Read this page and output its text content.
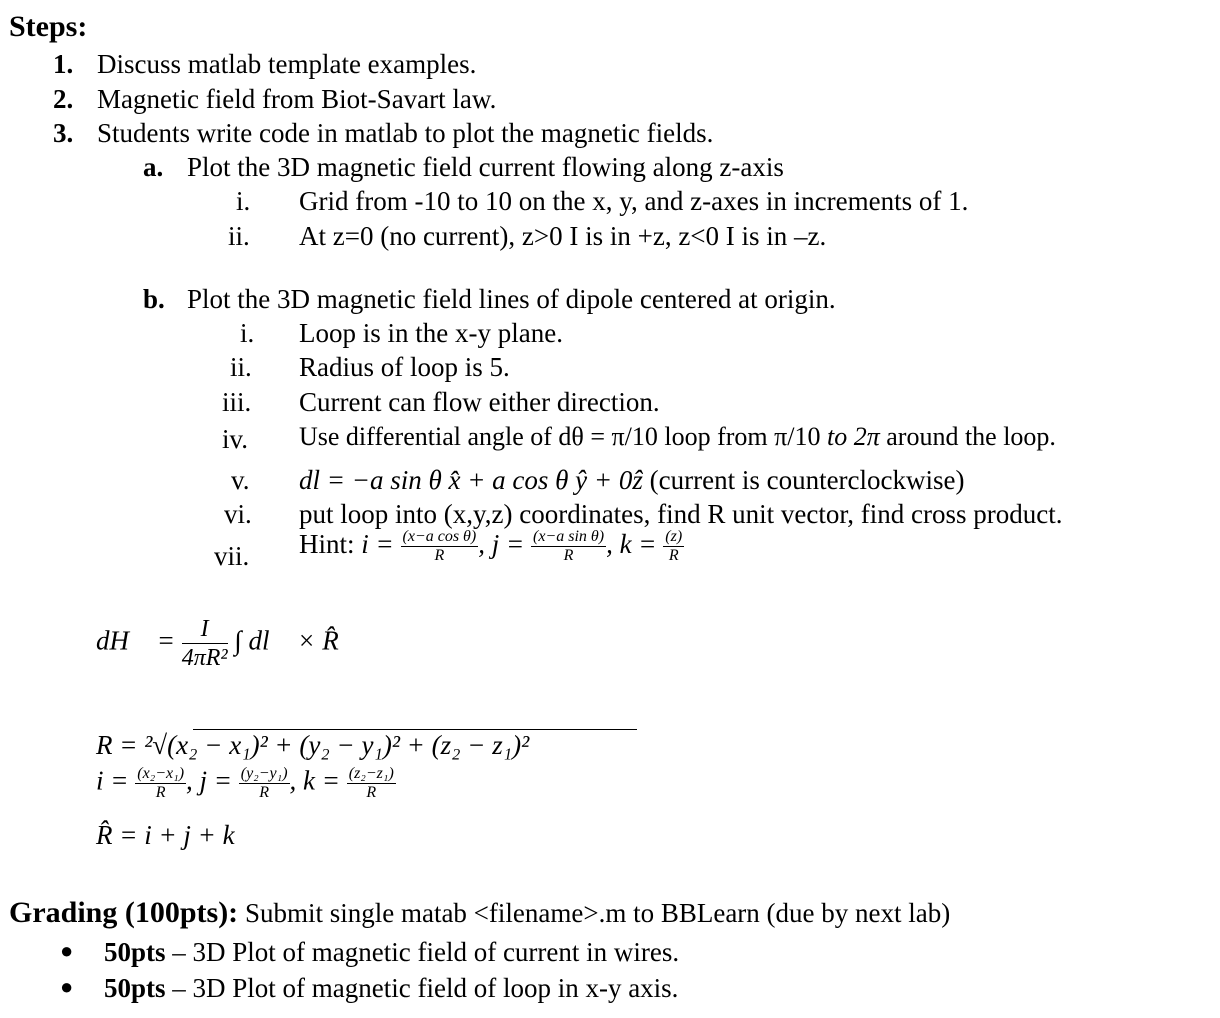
Steps:
1. Discuss matlab template examples.
2. Magnetic field from Biot-Savart law.
3. Students write code in matlab to plot the magnetic fields.
a. Plot the 3D magnetic field current flowing along z-axis
i. Grid from -10 to 10 on the x, y, and z-axes in increments of 1.
ii. At z=0 (no current), z>0 I is in +z, z<0 I is in –z.
b. Plot the 3D magnetic field lines of dipole centered at origin.
i. Loop is in the x-y plane.
ii. Radius of loop is 5.
iii. Current can flow either direction.
iv. Use differential angle of dθ = π/10 loop from π/10 to 2π around the loop.
v. dl = −a sin θ x̂ + a cos θ ŷ + 0ẑ (current is counterclockwise)
vi. put loop into (x,y,z) coordinates, find R unit vector, find cross product.
vii. Hint: $i = \frac{\text{(x−a cos θ)}}{R}$ , $j = \frac{\text{(x−a sin θ)}}{R}$ , $k = \frac{(z)}{R}$
dH⃗ = $\frac{I}{\text{4πR²}}$ ∫ dl⃗ × R̂
R = ²√(x₂ − x₁)² + (y₂ − y₁)² + (z₂ − z₁)²
$i = \frac{\text{(x₂−x₁)}}{R}$ , $j = \frac{\text{(y₂−y₁)}}{R}$ , $k = \frac{\text{(z₂−z₁)}}{R}$
R̂ = i + j + k
Grading (100pts): Submit single matab <filename>.m to BBLearn (due by next lab)
● 50pts – 3D Plot of magnetic field of current in wires.
● 50pts – 3D Plot of magnetic field of loop in x-y axis.
